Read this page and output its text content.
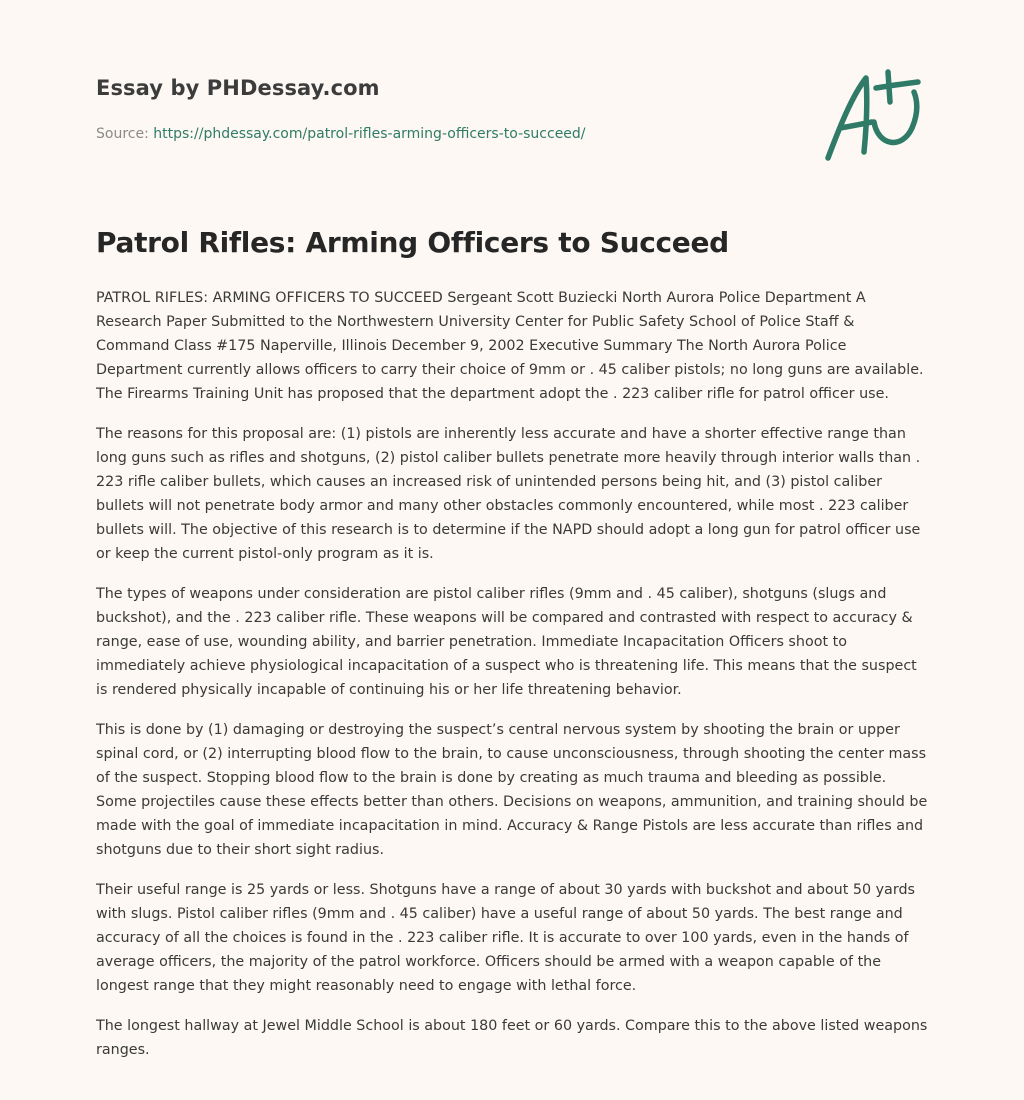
Essay by PHDessay.com
Source: https://phdessay.com/patrol-rifles-arming-officers-to-succeed/
Patrol Rifles: Arming Officers to Succeed

PATROL RIFLES: ARMING OFFICERS TO SUCCEED Sergeant Scott Buziecki North Aurora Police Department A Research Paper Submitted to the Northwestern University Center for Public Safety School of Police Staff & Command Class #175 Naperville, Illinois December 9, 2002 Executive Summary The North Aurora Police Department currently allows officers to carry their choice of 9mm or . 45 caliber pistols; no long guns are available. The Firearms Training Unit has proposed that the department adopt the . 223 caliber rifle for patrol officer use.

The reasons for this proposal are: (1) pistols are inherently less accurate and have a shorter effective range than long guns such as rifles and shotguns, (2) pistol caliber bullets penetrate more heavily through interior walls than . 223 rifle caliber bullets, which causes an increased risk of unintended persons being hit, and (3) pistol caliber bullets will not penetrate body armor and many other obstacles commonly encountered, while most . 223 caliber bullets will. The objective of this research is to determine if the NAPD should adopt a long gun for patrol officer use or keep the current pistol-only program as it is.

The types of weapons under consideration are pistol caliber rifles (9mm and . 45 caliber), shotguns (slugs and buckshot), and the . 223 caliber rifle. These weapons will be compared and contrasted with respect to accuracy & range, ease of use, wounding ability, and barrier penetration. Immediate Incapacitation Officers shoot to immediately achieve physiological incapacitation of a suspect who is threatening life. This means that the suspect is rendered physically incapable of continuing his or her life threatening behavior.

This is done by (1) damaging or destroying the suspect’s central nervous system by shooting the brain or upper spinal cord, or (2) interrupting blood flow to the brain, to cause unconsciousness, through shooting the center mass of the suspect. Stopping blood flow to the brain is done by creating as much trauma and bleeding as possible. Some projectiles cause these effects better than others. Decisions on weapons, ammunition, and training should be made with the goal of immediate incapacitation in mind. Accuracy & Range Pistols are less accurate than rifles and shotguns due to their short sight radius.

Their useful range is 25 yards or less. Shotguns have a range of about 30 yards with buckshot and about 50 yards with slugs. Pistol caliber rifles (9mm and . 45 caliber) have a useful range of about 50 yards. The best range and accuracy of all the choices is found in the . 223 caliber rifle. It is accurate to over 100 yards, even in the hands of average officers, the majority of the patrol workforce. Officers should be armed with a weapon capable of the longest range that they might reasonably need to engage with lethal force.

The longest hallway at Jewel Middle School is about 180 feet or 60 yards. Compare this to the above listed weapons ranges.
